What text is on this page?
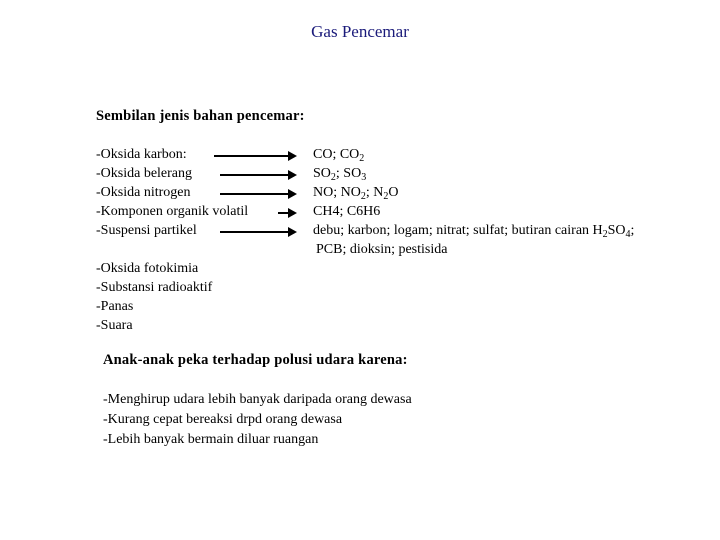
Gas Pencemar
Sembilan jenis bahan pencemar:
-Oksida karbon:
-Oksida belerang
-Oksida nitrogen
-Komponen organik volatil
-Suspensi partikel
CO; $CO_2$
$SO_2$; $SO_3$
NO; $NO_2$; $N_2O$
CH4; C6H6
debu; karbon; logam; nitrat; sulfat; butiran cairan $H_2SO_4$;
PCB; dioksin; pestisida
-Oksida fotokimia
-Substansi radioaktif
-Panas
-Suara
Anak-anak peka terhadap polusi udara karena:
-Menghirup udara lebih banyak daripada orang dewasa
-Kurang cepat bereaksi drpd orang dewasa
-Lebih banyak bermain diluar ruangan
